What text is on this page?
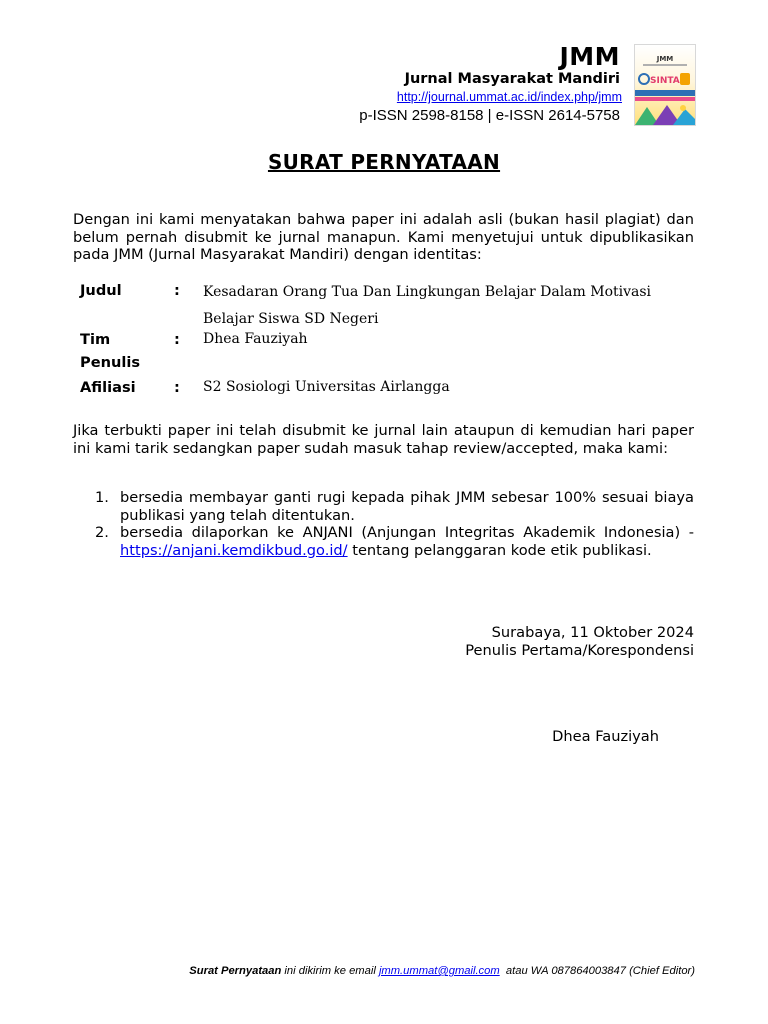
JMM
Jurnal Masyarakat Mandiri
http://journal.ummat.ac.id/index.php/jmm
p-ISSN 2598-8158 | e-ISSN 2614-5758
JMM
SINTA
SURAT PERNYATAAN
Dengan ini kami menyatakan bahwa paper ini adalah asli (bukan hasil plagiat) dan belum pernah disubmit ke jurnal manapun. Kami menyetujui untuk dipublikasikan pada JMM (Jurnal Masyarakat Mandiri) dengan identitas:
Judul	: Kesadaran Orang Tua Dan Lingkungan Belajar Dalam Motivasi Belajar Siswa SD Negeri
Tim Penulis
: Dhea Fauziyah
Afiliasi	: S2 Sosiologi Universitas Airlangga
Jika terbukti paper ini telah disubmit ke jurnal lain ataupun di kemudian hari paper ini kami tarik sedangkan paper sudah masuk tahap review/accepted, maka kami:
1. bersedia membayar ganti rugi kepada pihak JMM sebesar 100% sesuai biaya publikasi yang telah ditentukan.
2. bersedia dilaporkan ke ANJANI (Anjungan Integritas Akademik Indonesia) - https://anjani.kemdikbud.go.id/ tentang pelanggaran kode etik publikasi.
Surabaya, 11 Oktober 2024
Penulis Pertama/Korespondensi
Dhea Fauziyah
Surat Pernyataan ini dikirim ke email jmm.ummat@gmail.com  atau WA 087864003847 (Chief Editor)
